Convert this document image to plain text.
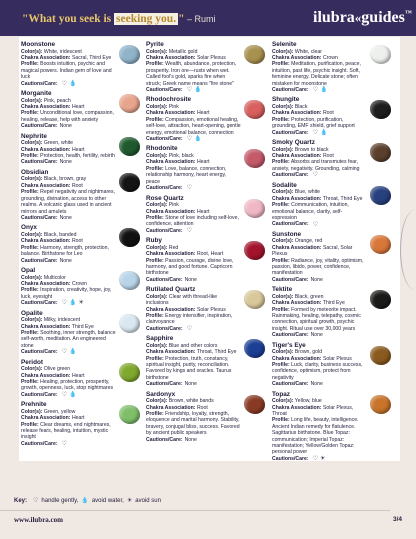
"What you seek is seeking you. " – Rumi	ilubra«guides™
Moonstone
Color(s): White, iridescent
Chakra Association: Sacral, Third Eye
Profile: Boosts intuition, psychic and magical powers. Indian gem of love and luck
Cautions/Care: ♡ 💧
Morganite
Color(s): Pink, peach
Chakra Association: Heart
Profile: Unconditional love, compassion, healing, release, help with anxiety
Cautions/Care: None
Nephrite
Color(s): Green, white
Chakra Association: Heart
Profile: Protection, health, fertility, rebirth
Cautions/Care: None
Obsidian
Color(s): Black, brown, gray
Chakra Association: Root
Profile: Repel negativity and nightmares, grounding, divination, access to other realms. A volcanic glass used in ancient mirrors and amulets
Cautions/Care: None
Onyx
Color(s): Black, banded
Chakra Association: Root
Profile: Harmony, strength, protection, balance. Birthstone for Leo
Cautions/Care: None
Opal
Color(s): Multicolor
Chakra Association: Crown
Profile: Inspiration, creativity, hope, joy, luck, eyesight
Cautions/Care: ♡ 💧 ☀
Opalite
Color(s): Milky, iridescent
Chakra Association: Third Eye
Profile: Soothing, inner strength, balance self-worth, meditation. An engineered stone
Cautions/Care: ♡ 💧
Peridot
Color(s): Olive green
Chakra Association: Heart
Profile: Healing, protection, prosperity, growth, openness, luck, stop nightmares
Cautions/Care: ♡ 💧
Prehnite
Color(s): Green, yellow
Chakra Association: Heart
Profile: Clear dreams, end nightmares, release fears, healing, intuition, mystic insight
Cautions/Care: ♡
Pyrite
Color(s): Metallic gold
Chakra Association: Solar Plexus
Profile: Wealth, abundance, protection, prosperity. Iron ore—rusts when wet. Called fool's gold, sparks fire when struck; Greek name means "fire stone"
Cautions/Care: ♡ 💧
Rhodochrosite
Color(s): Pink
Chakra Association: Heart
Profile: Compassion, emotional healing, self-love, attraction, heart-opening, gentle energy, emotional balance, connection
Cautions/Care: ♡ 💧
Rhodonite
Color(s): Pink, black
Chakra Association: Heart
Profile: Love, balance, connection, relationship harmony, heart energy, peace
Cautions/Care: ♡
Rose Quartz
Color(s): Pink
Chakra Association: Heart
Profile: Stone of love including self-love, confidence, attention
Cautions/Care: ♡
Ruby
Color(s): Red
Chakra Association: Root, Heart
Profile: Passion, courage, divine love, harmony, and good fortune. Capricorn birthstone
Cautions/Care: None
Rutilated Quartz
Color(s): Clear with thread-like inclusions
Chakra Association: Solar Plexus
Profile: Energy intensifier, inspiration, clairvoyance
Cautions/Care: ♡
Sapphire
Color(s): Blue and other colors
Chakra Association: Throat, Third Eye
Profile: Protection, truth, constancy, spiritual insight, purity, reconciliation. Favored by kings and oracles. Taurus birthstone
Cautions/Care: None
Sardonyx
Color(s): Brown, white bands
Chakra Association: Root
Profile: Friendship, loyalty, strength, eloquence and marital harmony. Stability, bravery, conjugal bliss, success. Favored by ancient public speakers
Cautions/Care: None
Selenite
Color(s): White, clear
Chakra Association: Crown
Profile: Meditation, purification, peace, intuition, past life, psychic insight. Soft, feminine energy. Delicate stone; often mistaken for moonstone
Cautions/Care: ♡ 💧
Shungite
Color(s): Black
Chakra Association: Root
Profile: Protection, purification, grounding, EMF shield, grief support
Cautions/Care: ♡ 💧
Smoky Quartz
Color(s): Brown to black
Chakra Association: Root
Profile: Absorbs and transmutes fear, anxiety, negativity. Grounding, calming
Cautions/Care: ♡
Sodalite
Color(s): Blue, white
Chakra Association: Throat, Third Eye
Profile: Communication, intuition, emotional balance, clarity, self-expression
Cautions/Care: ♡
Sunstone
Color(s): Orange, red
Chakra Association: Sacral, Solar Plexus
Profile: Radiance, joy, vitality, optimism, passion, libido, power, confidence, manifestation
Cautions/Care: None
Tektite
Color(s): Black, green
Chakra Association: Third Eye
Profile: Formed by meteorite impact. Rainmaking, healing, telepathy, cosmic connection, spiritual growth, psychic insight. Ritual use over 30,000 years
Cautions/Care: None
Tiger's Eye
Color(s): Brown, gold
Chakra Association: Solar Plexus
Profile: Luck, clarity, business success, confidence, optimism, protect from negativity
Cautions/Care: None
Topaz
Color(s): Yellow, blue
Chakra Association: Solar Plexus, Throat
Profile: Long life, beauty, intelligence. Ancient Indian remedy for flatulence. Sagittarius birthstone. Blue Topaz: communication; Imperial Topaz: manifestation; Yellow/Golden Topaz: personal power
Cautions/Care: ♡ ☀
Key: ♡ handle gently, 💧 avoid water, ☀ avoid sun
www.ilubra.com	3/4
